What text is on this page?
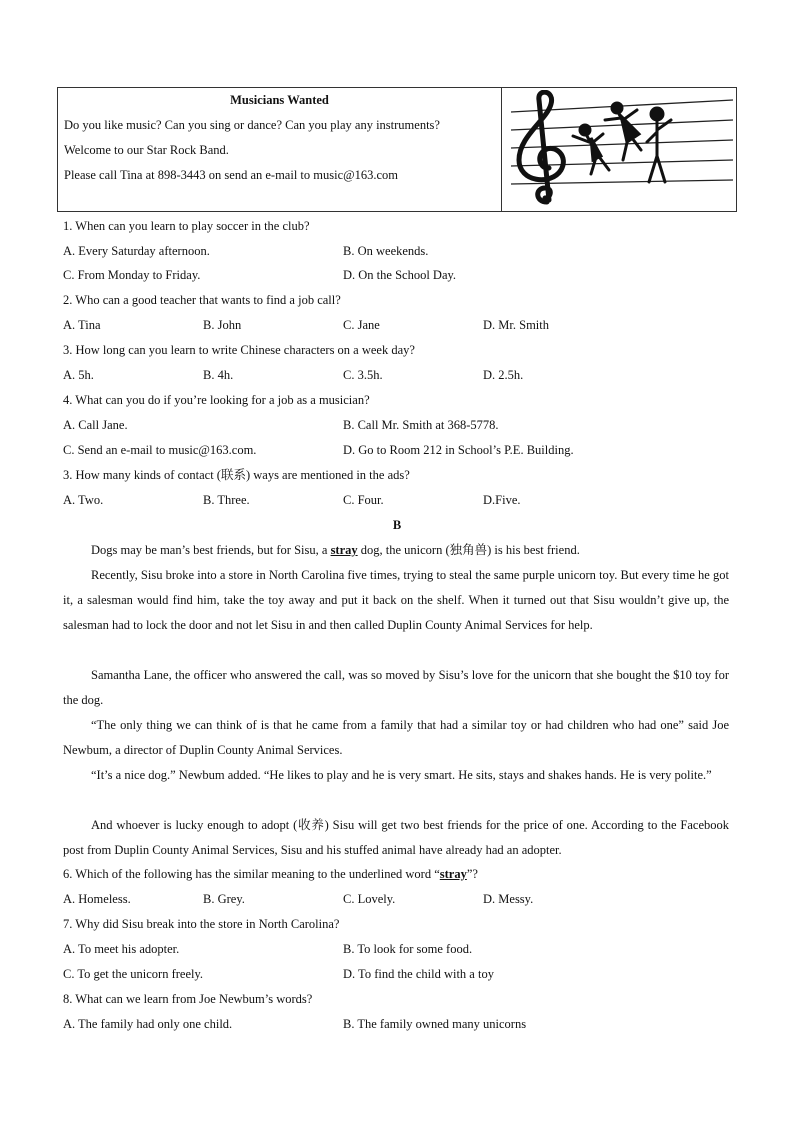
Musicians Wanted
Do you like music? Can you sing or dance? Can you play any instruments?
Welcome to our Star Rock Band.
Please call Tina at 898-3443 on send an e-mail to music@163.com
1. When can you learn to play soccer in the club?
A. Every Saturday afternoon.	B. On weekends.
C. From Monday to Friday.	D. On the School Day.
2. Who can a good teacher that wants to find a job call?
A. Tina	B. John	C. Jane	D. Mr. Smith
3. How long can you learn to write Chinese characters on a week day?
A. 5h.	B. 4h.	C. 3.5h.	D. 2.5h.
4. What can you do if you’re looking for a job as a musician?
A. Call Jane.	B. Call Mr. Smith at 368-5778.
C. Send an e-mail to music@163.com.	D. Go to Room 212 in School’s P.E. Building.
3. How many kinds of contact (联系) ways are mentioned in the ads?
A. Two.	B. Three.	C. Four.	D.Five.
B
Dogs may be man’s best friends, but for Sisu, a stray dog, the unicorn (独角兽) is his best friend.
Recently, Sisu broke into a store in North Carolina five times, trying to steal the same purple unicorn toy. But every time he got it, a salesman would find him, take the toy away and put it back on the shelf. When it turned out that Sisu wouldn’t give up, the salesman had to lock the door and not let Sisu in and then called Duplin County Animal Services for help.
Samantha Lane, the officer who answered the call, was so moved by Sisu’s love for the unicorn that she bought the $10 toy for the dog.
“The only thing we can think of is that he came from a family that had a similar toy or had children who had one” said Joe Newbum, a director of Duplin County Animal Services.
“It’s a nice dog.” Newbum added. “He likes to play and he is very smart. He sits, stays and shakes hands. He is very polite.”
And whoever is lucky enough to adopt (收养) Sisu will get two best friends for the price of one. According to the Facebook post from Duplin County Animal Services, Sisu and his stuffed animal have already had an adopter.
6. Which of the following has the similar meaning to the underlined word “stray”?
A. Homeless.	B. Grey.	C. Lovely.	D. Messy.
7. Why did Sisu break into the store in North Carolina?
A. To meet his adopter.	B. To look for some food.
C. To get the unicorn freely.	D. To find the child with a toy
8. What can we learn from Joe Newbum’s words?
A. The family had only one child.	B. The family owned many unicorns
